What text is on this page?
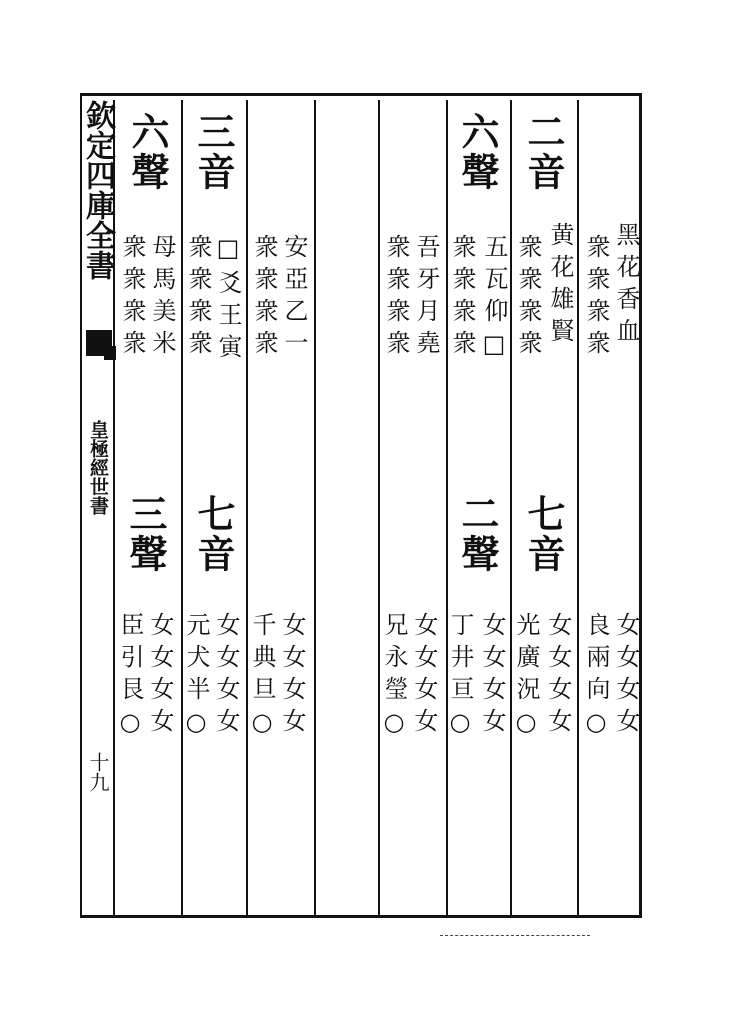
欽定四庫全書
皇極經世書
十九
黑花香血
衆衆衆衆
女女女女
良兩向○
二音
黄花雄賢
衆衆衆衆
七音
女女女女
光廣況○
六聲
五瓦仰□
衆衆衆衆
二聲
女女女女
丁井亘○
吾牙月堯
衆衆衆衆
女女女女
兄永瑩○
安亞乙一
衆衆衆衆
女女女女
千典旦○
三音
□爻王寅
衆衆衆衆
七音
女女女女
元犬半○
六聲
母馬美米
衆衆衆衆
三聲
女女女女
臣引艮○
